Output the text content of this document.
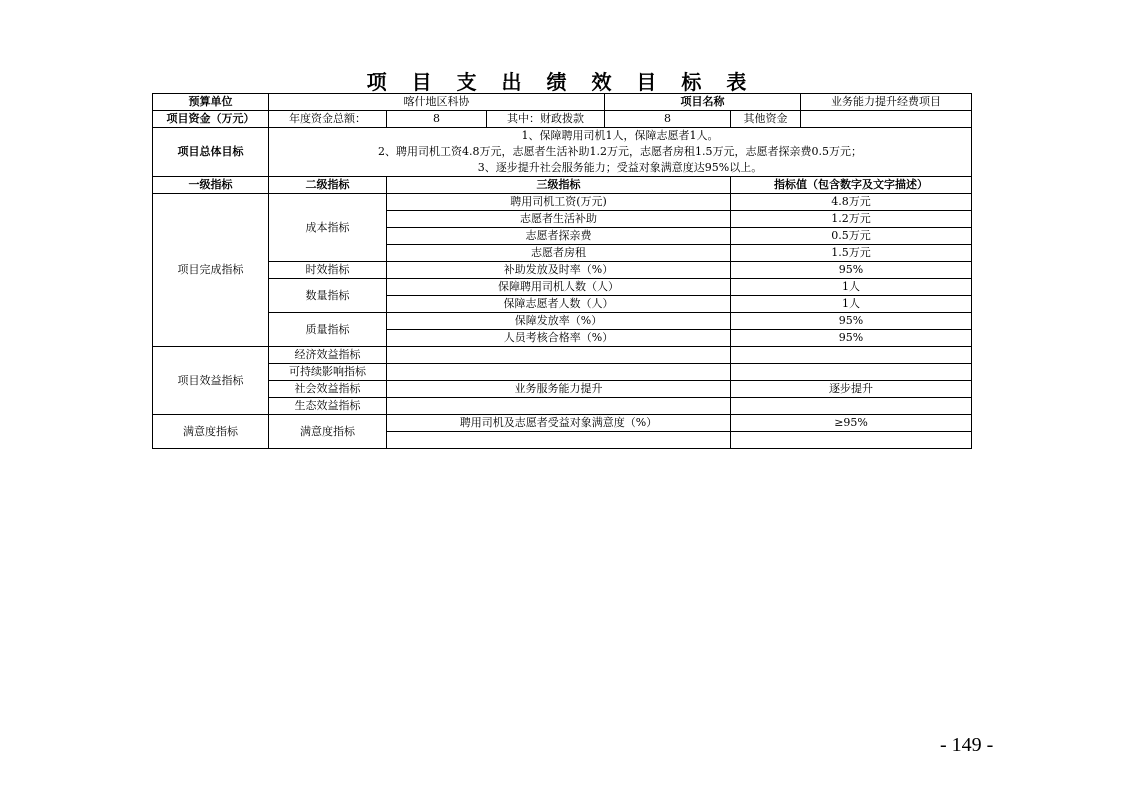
项 目 支 出 绩 效 目 标 表
预算单位	喀什地区科协			项目名称		业务能力提升经费项目
项目资金（万元）	年度资金总额：	8	其中：财政拨款	8	其他资金	
项目总体目标	1、保障聘用司机1人，保障志愿者1人。
2、聘用司机工资4.8万元，志愿者生活补助1.2万元，志愿者房租1.5万元，志愿者探亲费0.5万元；
3、逐步提升社会服务能力；受益对象满意度达95%以上。					

一级指标	二级指标	三级指标			指标值（包含数字及文字描述）	
项目完成指标	成本指标	聘用司机工资(万元)			4.8万元	
		志愿者生活补助			1.2万元	
		志愿者探亲费			0.5万元	
		志愿者房租			1.5万元	
	时效指标	补助发放及时率（%）			95%	
	数量指标	保障聘用司机人数（人）			1人	
		保障志愿者人数（人）			1人	
	质量指标	保障发放率（%）			95%	
		人员考核合格率（%）			95%	
项目效益指标	经济效益指标					
	可持续影响指标					
	社会效益指标	业务服务能力提升			逐步提升	
	生态效益指标					
满意度指标	满意度指标	聘用司机及志愿者受益对象满意度（%）			≥95%	

- 149 -
